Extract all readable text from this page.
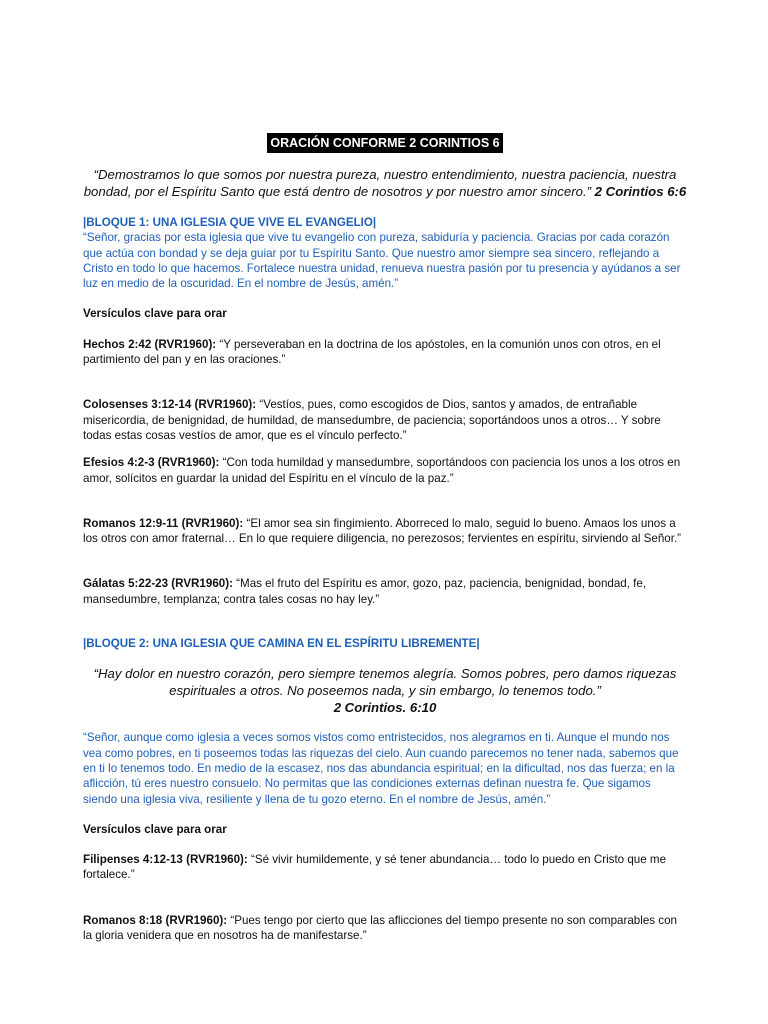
ORACIÓN CONFORME 2 CORINTIOS 6

“Demostramos lo que somos por nuestra pureza, nuestro entendimiento, nuestra paciencia, nuestra bondad, por el Espíritu Santo que está dentro de nosotros y por nuestro amor sincero.” 2 Corintios 6:6

|BLOQUE 1: UNA IGLESIA QUE VIVE EL EVANGELIO|

“Señor, gracias por esta iglesia que vive tu evangelio con pureza, sabiduría y paciencia. Gracias por cada corazón que actúa con bondad y se deja guiar por tu Espíritu Santo. Que nuestro amor siempre sea sincero, reflejando a Cristo en todo lo que hacemos. Fortalece nuestra unidad, renueva nuestra pasión por tu presencia y ayúdanos a ser luz en medio de la oscuridad. En el nombre de Jesús, amén.”

Versículos clave para orar

Hechos 2:42 (RVR1960): “Y perseveraban en la doctrina de los apóstoles, en la comunión unos con otros, en el partimiento del pan y en las oraciones.”

Colosenses 3:12-14 (RVR1960): “Vestíos, pues, como escogidos de Dios, santos y amados, de entrañable misericordia, de benignidad, de humildad, de mansedumbre, de paciencia; soportándoos unos a otros… Y sobre todas estas cosas vestíos de amor, que es el vínculo perfecto.”

Efesios 4:2-3 (RVR1960): “Con toda humildad y mansedumbre, soportándoos con paciencia los unos a los otros en amor, solícitos en guardar la unidad del Espíritu en el vínculo de la paz.”

Romanos 12:9-11 (RVR1960): “El amor sea sin fingimiento. Aborreced lo malo, seguid lo bueno. Amaos los unos a los otros con amor fraternal… En lo que requiere diligencia, no perezosos; fervientes en espíritu, sirviendo al Señor.”

Gálatas 5:22-23 (RVR1960): “Mas el fruto del Espíritu es amor, gozo, paz, paciencia, benignidad, bondad, fe, mansedumbre, templanza; contra tales cosas no hay ley.”

|BLOQUE 2: UNA IGLESIA QUE CAMINA EN EL ESPÍRITU LIBREMENTE|

“Hay dolor en nuestro corazón, pero siempre tenemos alegría. Somos pobres, pero damos riquezas espirituales a otros. No poseemos nada, y sin embargo, lo tenemos todo.”
2 Corintios. 6:10

“Señor, aunque como iglesia a veces somos vistos como entristecidos, nos alegramos en ti. Aunque el mundo nos vea como pobres, en ti poseemos todas las riquezas del cielo. Aun cuando parecemos no tener nada, sabemos que en ti lo tenemos todo. En medio de la escasez, nos das abundancia espiritual; en la dificultad, nos das fuerza; en la aflicción, tú eres nuestro consuelo. No permitas que las condiciones externas definan nuestra fe. Que sigamos siendo una iglesia viva, resiliente y llena de tu gozo eterno. En el nombre de Jesús, amén.”

Versículos clave para orar

Filipenses 4:12-13 (RVR1960): “Sé vivir humildemente, y sé tener abundancia… todo lo puedo en Cristo que me fortalece.”

Romanos 8:18 (RVR1960): “Pues tengo por cierto que las aflicciones del tiempo presente no son comparables con la gloria venidera que en nosotros ha de manifestarse.”
